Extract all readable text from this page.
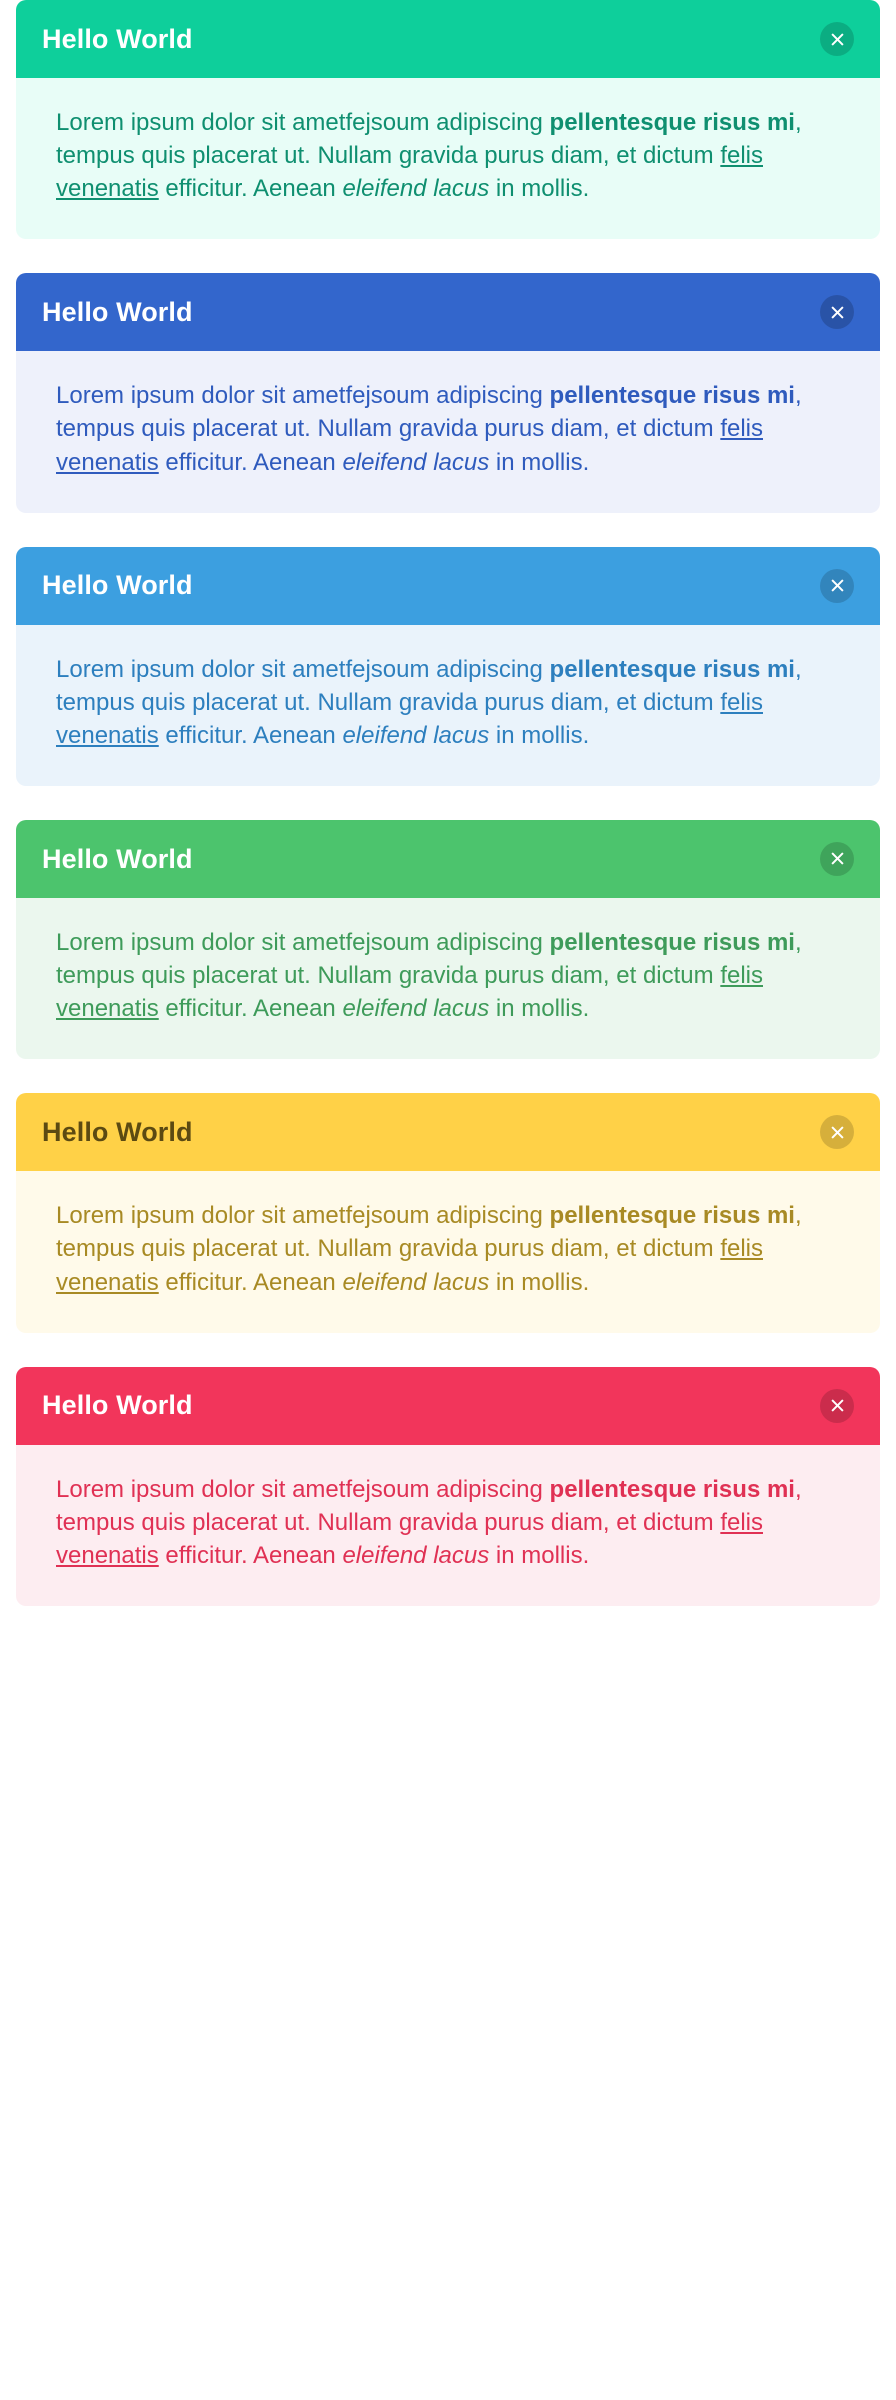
Hello World

Lorem ipsum dolor sit ametfejsoum adipiscing pellentesque risus mi, tempus quis placerat ut. Nullam gravida purus diam, et dictum felis venenatis efficitur. Aenean eleifend lacus in mollis.

Hello World

Lorem ipsum dolor sit ametfejsoum adipiscing pellentesque risus mi, tempus quis placerat ut. Nullam gravida purus diam, et dictum felis venenatis efficitur. Aenean eleifend lacus in mollis.

Hello World

Lorem ipsum dolor sit ametfejsoum adipiscing pellentesque risus mi, tempus quis placerat ut. Nullam gravida purus diam, et dictum felis venenatis efficitur. Aenean eleifend lacus in mollis.

Hello World

Lorem ipsum dolor sit ametfejsoum adipiscing pellentesque risus mi, tempus quis placerat ut. Nullam gravida purus diam, et dictum felis venenatis efficitur. Aenean eleifend lacus in mollis.

Hello World

Lorem ipsum dolor sit ametfejsoum adipiscing pellentesque risus mi, tempus quis placerat ut. Nullam gravida purus diam, et dictum felis venenatis efficitur. Aenean eleifend lacus in mollis.

Hello World

Lorem ipsum dolor sit ametfejsoum adipiscing pellentesque risus mi, tempus quis placerat ut. Nullam gravida purus diam, et dictum felis venenatis efficitur. Aenean eleifend lacus in mollis.
